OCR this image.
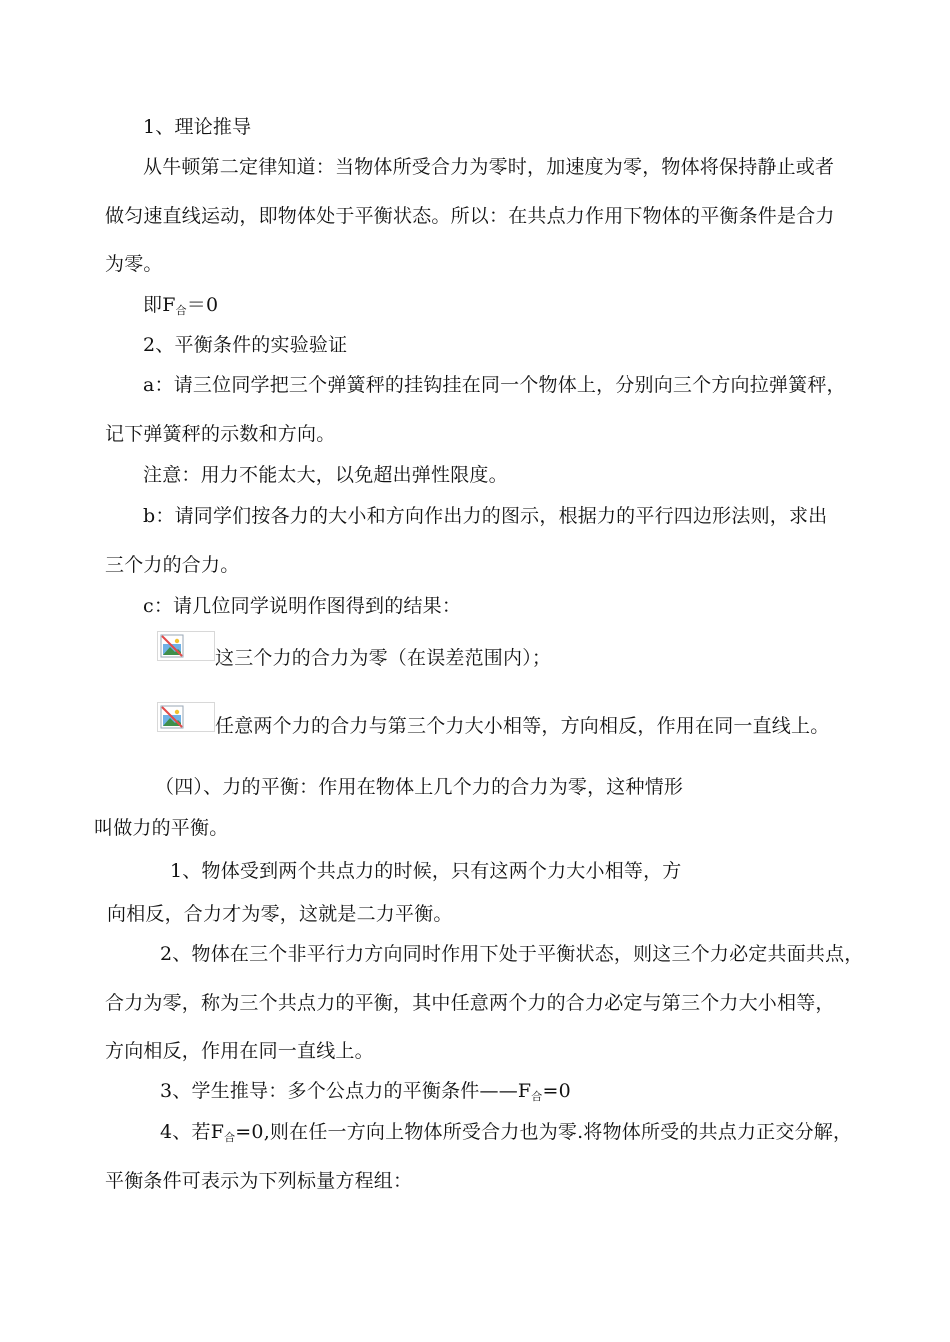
1、理论推导
从牛顿第二定律知道：当物体所受合力为零时，加速度为零，物体将保持静止或者
做匀速直线运动，即物体处于平衡状态。所以：在共点力作用下物体的平衡条件是合力
为零。
即$F_合=0$
2、平衡条件的实验验证
a：请三位同学把三个弹簧秤的挂钩挂在同一个物体上，分别向三个方向拉弹簧秤，
记下弹簧秤的示数和方向。
注意：用力不能太大，以免超出弹性限度。
b：请同学们按各力的大小和方向作出力的图示，根据力的平行四边形法则，求出
三个力的合力。
c：请几位同学说明作图得到的结果：
这三个力的合力为零（在误差范围内）；
任意两个力的合力与第三个力大小相等，方向相反，作用在同一直线上。
（四）、力的平衡：作用在物体上几个力的合力为零，这种情形
叫做力的平衡。
1、物体受到两个共点力的时候，只有这两个力大小相等，方
向相反，合力才为零，这就是二力平衡。
2、物体在三个非平行力方向同时作用下处于平衡状态，则这三个力必定共面共点，
合力为零，称为三个共点力的平衡，其中任意两个力的合力必定与第三个力大小相等，
方向相反，作用在同一直线上。
3、学生推导：多个公点力的平衡条件$——F_合=0$
4、若$F_合=0$,则在任一方向上物体所受合力也为零.将物体所受的共点力正交分解，
平衡条件可表示为下列标量方程组：
